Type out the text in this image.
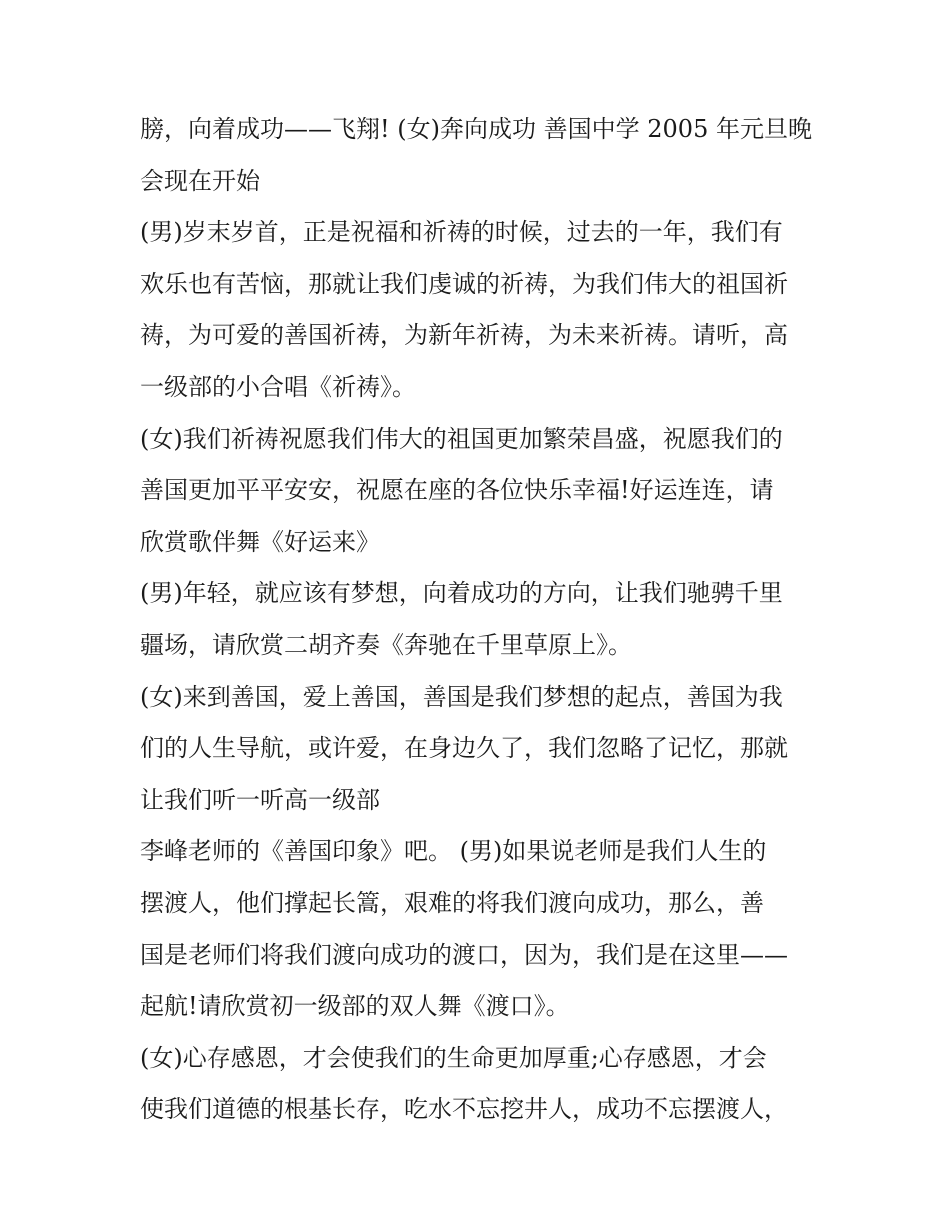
膀，向着成功——飞翔! (女)奔向成功 善国中学 2005 年元旦晚
会现在开始
(男)岁末岁首，正是祝福和祈祷的时候，过去的一年，我们有
欢乐也有苦恼，那就让我们虔诚的祈祷，为我们伟大的祖国祈
祷，为可爱的善国祈祷，为新年祈祷，为未来祈祷。请听，高
一级部的小合唱《祈祷》。
(女)我们祈祷祝愿我们伟大的祖国更加繁荣昌盛，祝愿我们的
善国更加平平安安，祝愿在座的各位快乐幸福!好运连连，请
欣赏歌伴舞《好运来》
(男)年轻，就应该有梦想，向着成功的方向，让我们驰骋千里
疆场，请欣赏二胡齐奏《奔驰在千里草原上》。
(女)来到善国，爱上善国，善国是我们梦想的起点，善国为我
们的人生导航，或许爱，在身边久了，我们忽略了记忆，那就
让我们听一听高一级部
李峰老师的《善国印象》吧。 (男)如果说老师是我们人生的
摆渡人，他们撑起长篙，艰难的将我们渡向成功，那么，善
国是老师们将我们渡向成功的渡口，因为，我们是在这里——
起航!请欣赏初一级部的双人舞《渡口》。
(女)心存感恩，才会使我们的生命更加厚重;心存感恩，才会
使我们道德的根基长存，吃水不忘挖井人，成功不忘摆渡人，
